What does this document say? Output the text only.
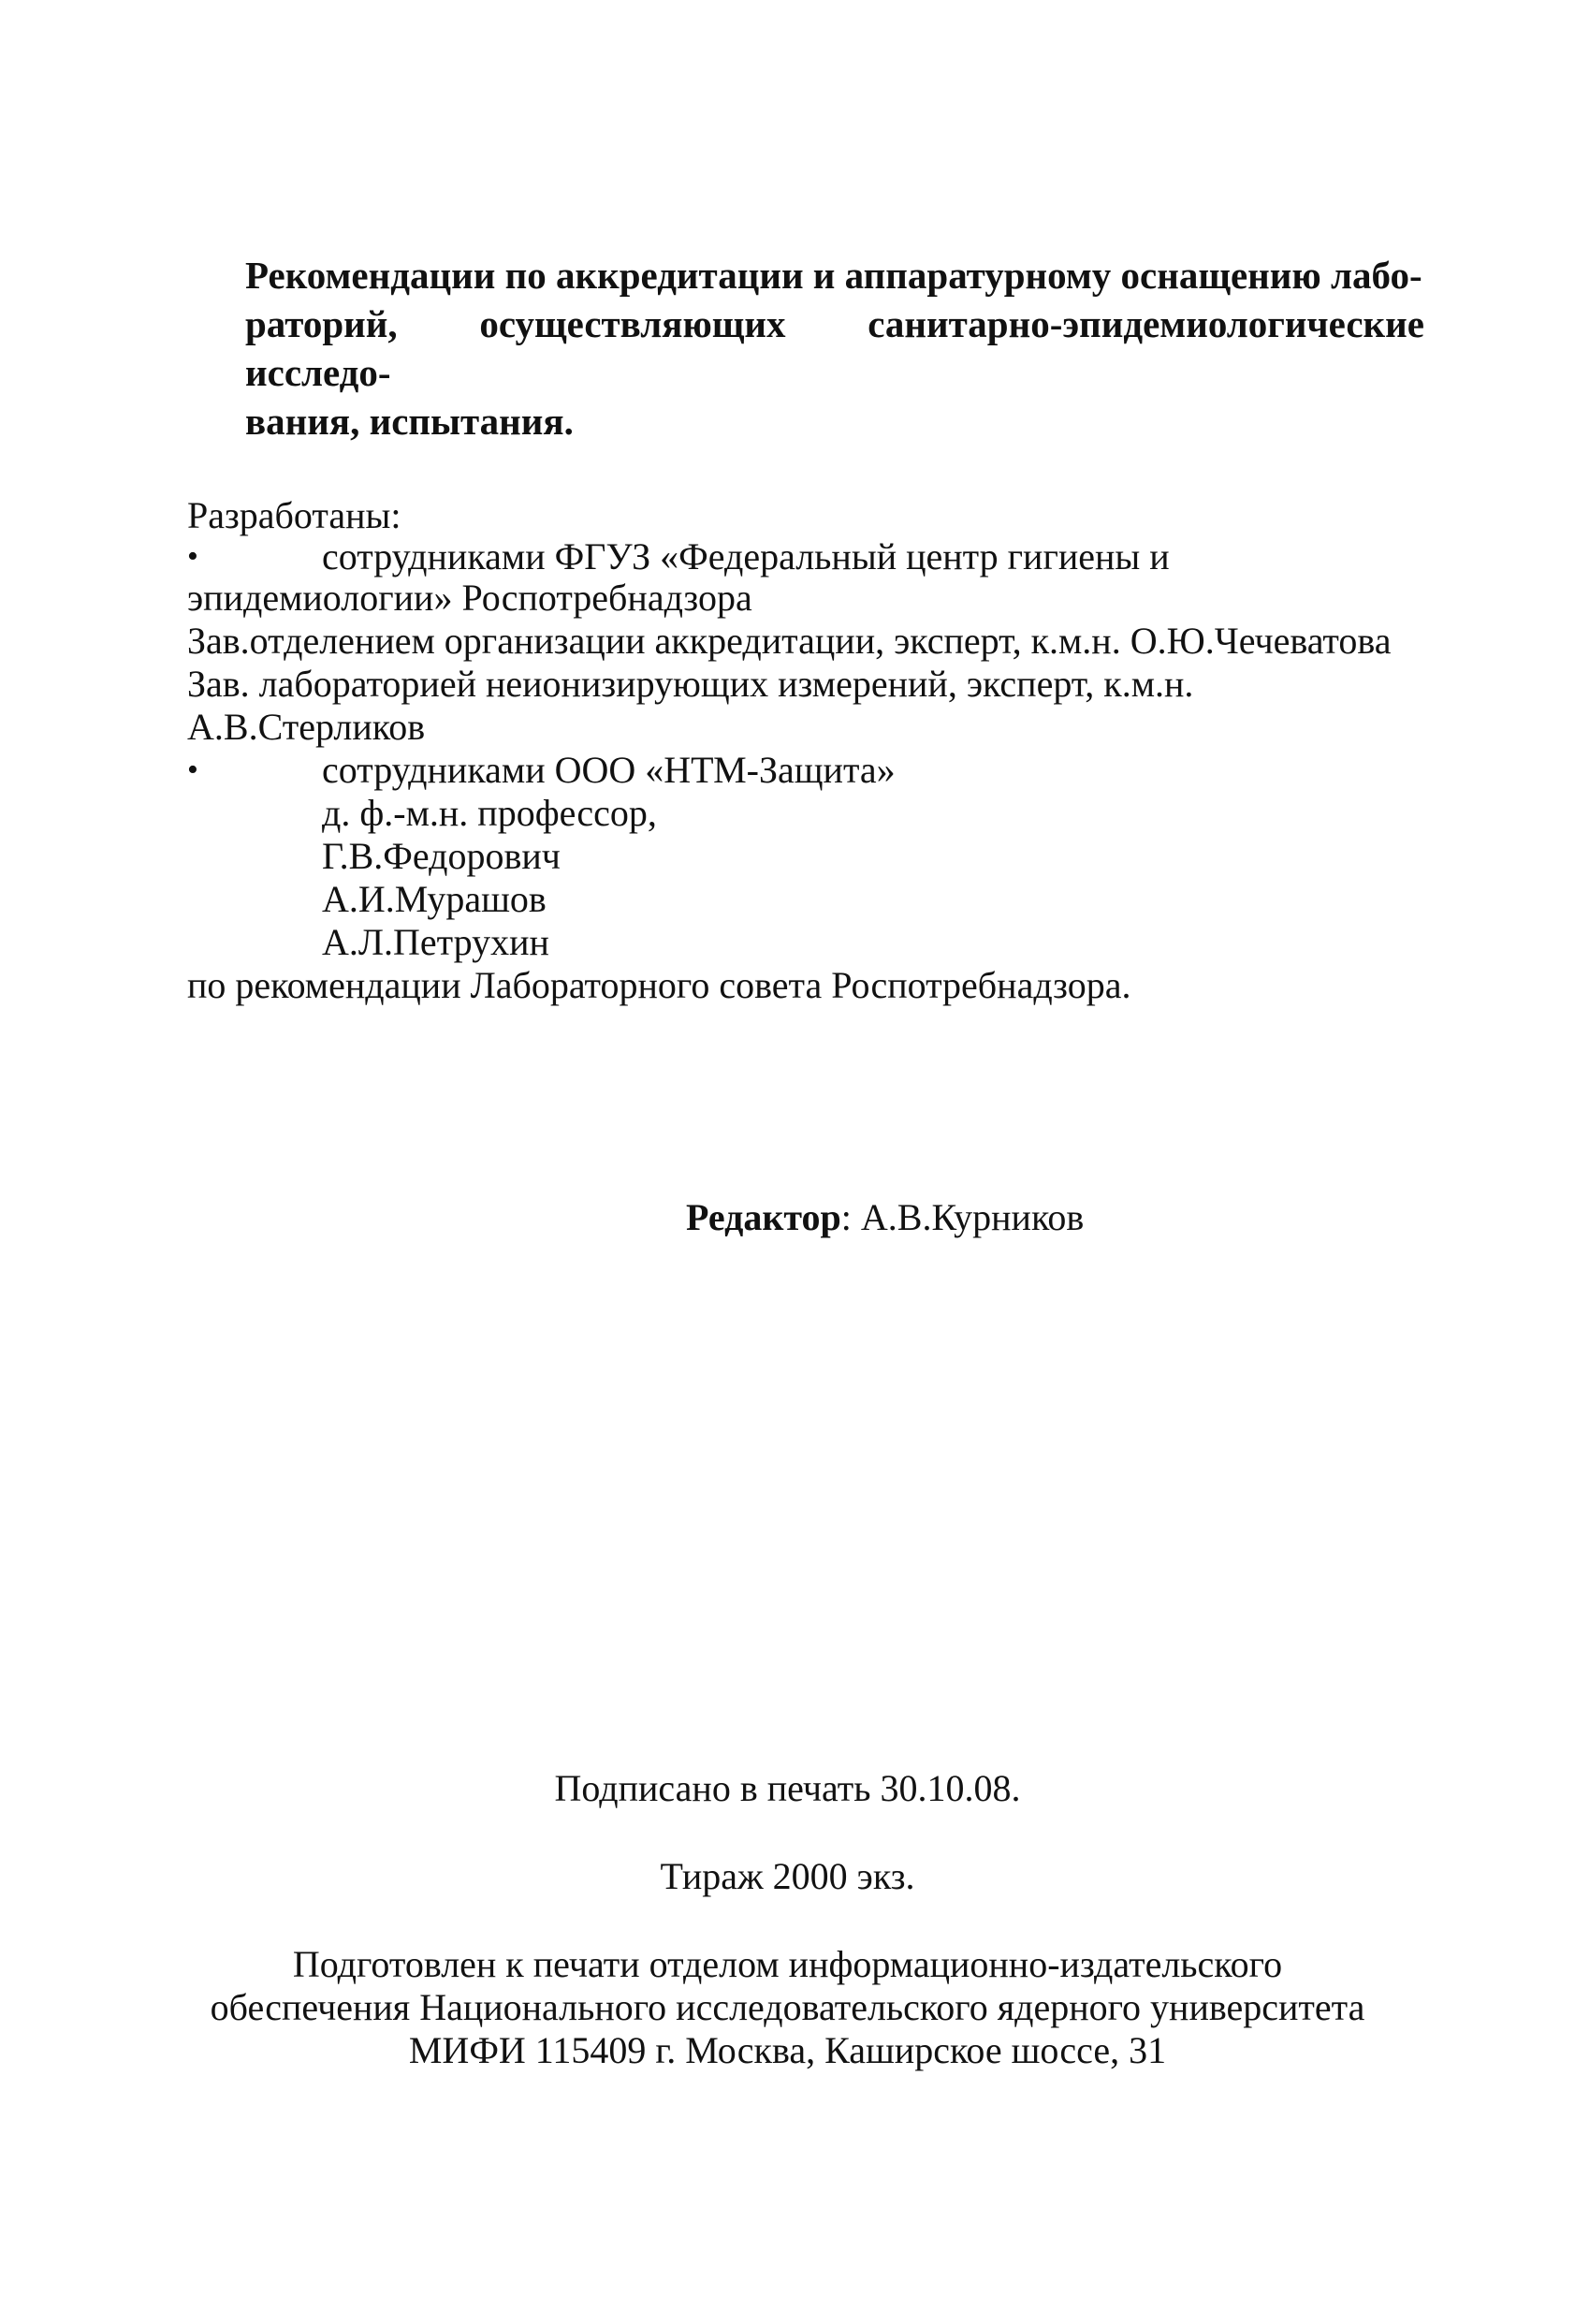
Рекомендации по аккредитации и аппаратурному оснащению лабо-
раторий, осуществляющих санитарно-эпидемиологические исследо-
вания, испытания.
Разработаны:
•	сотрудниками ФГУЗ «Федеральный центр гигиены и
эпидемиологии» Роспотребнадзора
Зав.отделением организации аккредитации, эксперт, к.м.н. О.Ю.Чечеватова
Зав. лабораторией неионизирующих измерений, эксперт, к.м.н.
А.В.Стерликов
•	сотрудниками ООО «НТМ-Защита»
д. ф.-м.н. профессор,
Г.В.Федорович
А.И.Мурашов
А.Л.Петрухин
по рекомендации Лабораторного совета Роспотребнадзора.
Редактор: А.В.Курников
Подписано в печать 30.10.08.
Тираж 2000 экз.
Подготовлен к печати отделом информационно-издательского
обеспечения Национального исследовательского ядерного университета
МИФИ 115409 г. Москва, Каширское шоссе, 31
